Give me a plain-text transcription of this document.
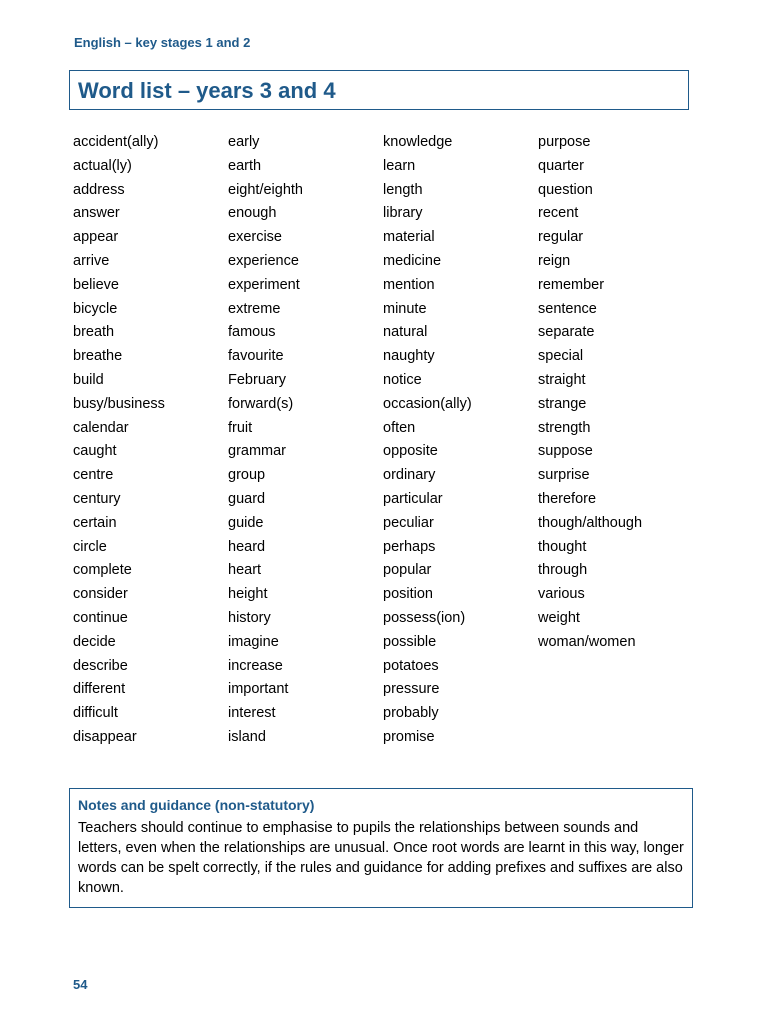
English – key stages 1 and 2
Word list – years 3 and 4
accident(ally)
actual(ly)
address
answer
appear
arrive
believe
bicycle
breath
breathe
build
busy/business
calendar
caught
centre
century
certain
circle
complete
consider
continue
decide
describe
different
difficult
disappear
early
earth
eight/eighth
enough
exercise
experience
experiment
extreme
famous
favourite
February
forward(s)
fruit
grammar
group
guard
guide
heard
heart
height
history
imagine
increase
important
interest
island
knowledge
learn
length
library
material
medicine
mention
minute
natural
naughty
notice
occasion(ally)
often
opposite
ordinary
particular
peculiar
perhaps
popular
position
possess(ion)
possible
potatoes
pressure
probably
promise
purpose
quarter
question
recent
regular
reign
remember
sentence
separate
special
straight
strange
strength
suppose
surprise
therefore
though/although
thought
through
various
weight
woman/women
Notes and guidance (non-statutory)

Teachers should continue to emphasise to pupils the relationships between sounds and letters, even when the relationships are unusual. Once root words are learnt in this way, longer words can be spelt correctly, if the rules and guidance for adding prefixes and suffixes are also known.

54
